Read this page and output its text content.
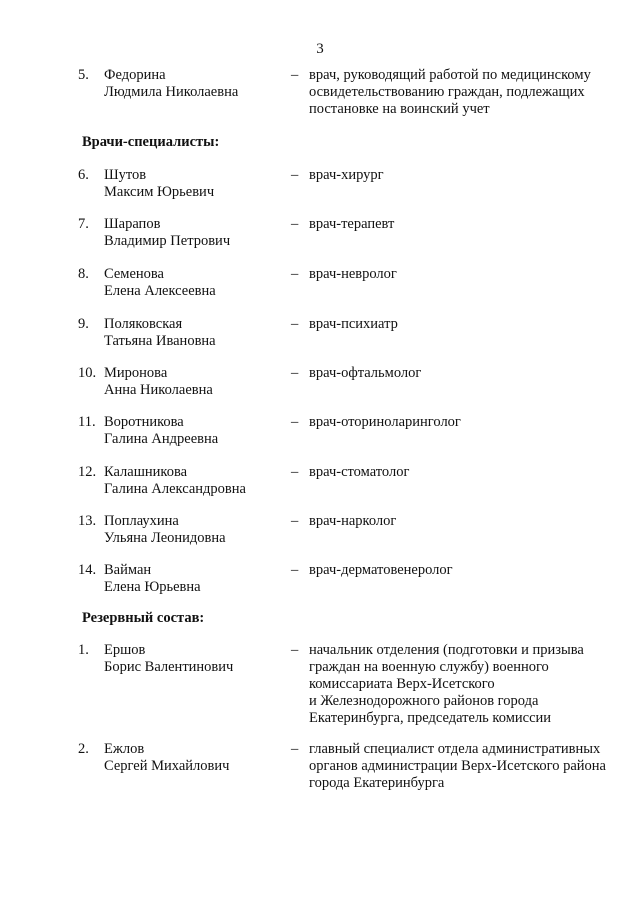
3
5.	Федорина
Людмила Николаевна
– врач, руководящий работой по медицинскому
освидетельствованию граждан, подлежащих
постановке на воинский учет
Врачи-специалисты:
6.	Шутов
Максим Юрьевич
– врач-хирург
7.	Шарапов
Владимир Петрович
– врач-терапевт
8.	Семенова
Елена Алексеевна
– врач-невролог
9.	Поляковская
Татьяна Ивановна
– врач-психиатр
10. Миронова
Анна Николаевна
– врач-офтальмолог
11. Воротникова
Галина Андреевна
– врач-оториноларинголог
12. Калашникова
Галина Александровна
– врач-стоматолог
13. Поплаухина
Ульяна Леонидовна
– врач-нарколог
14. Вайман
Елена Юрьевна
– врач-дерматовенеролог
Резервный состав:
1.	Ершов
Борис Валентинович
– начальник отделения (подготовки и призыва
граждан на военную службу) военного
комиссариата Верх-Исетского
и Железнодорожного районов города
Екатеринбурга, председатель комиссии
2.	Ежлов
Сергей Михайлович
– главный специалист отдела административных
органов администрации Верх-Исетского района
города Екатеринбурга
